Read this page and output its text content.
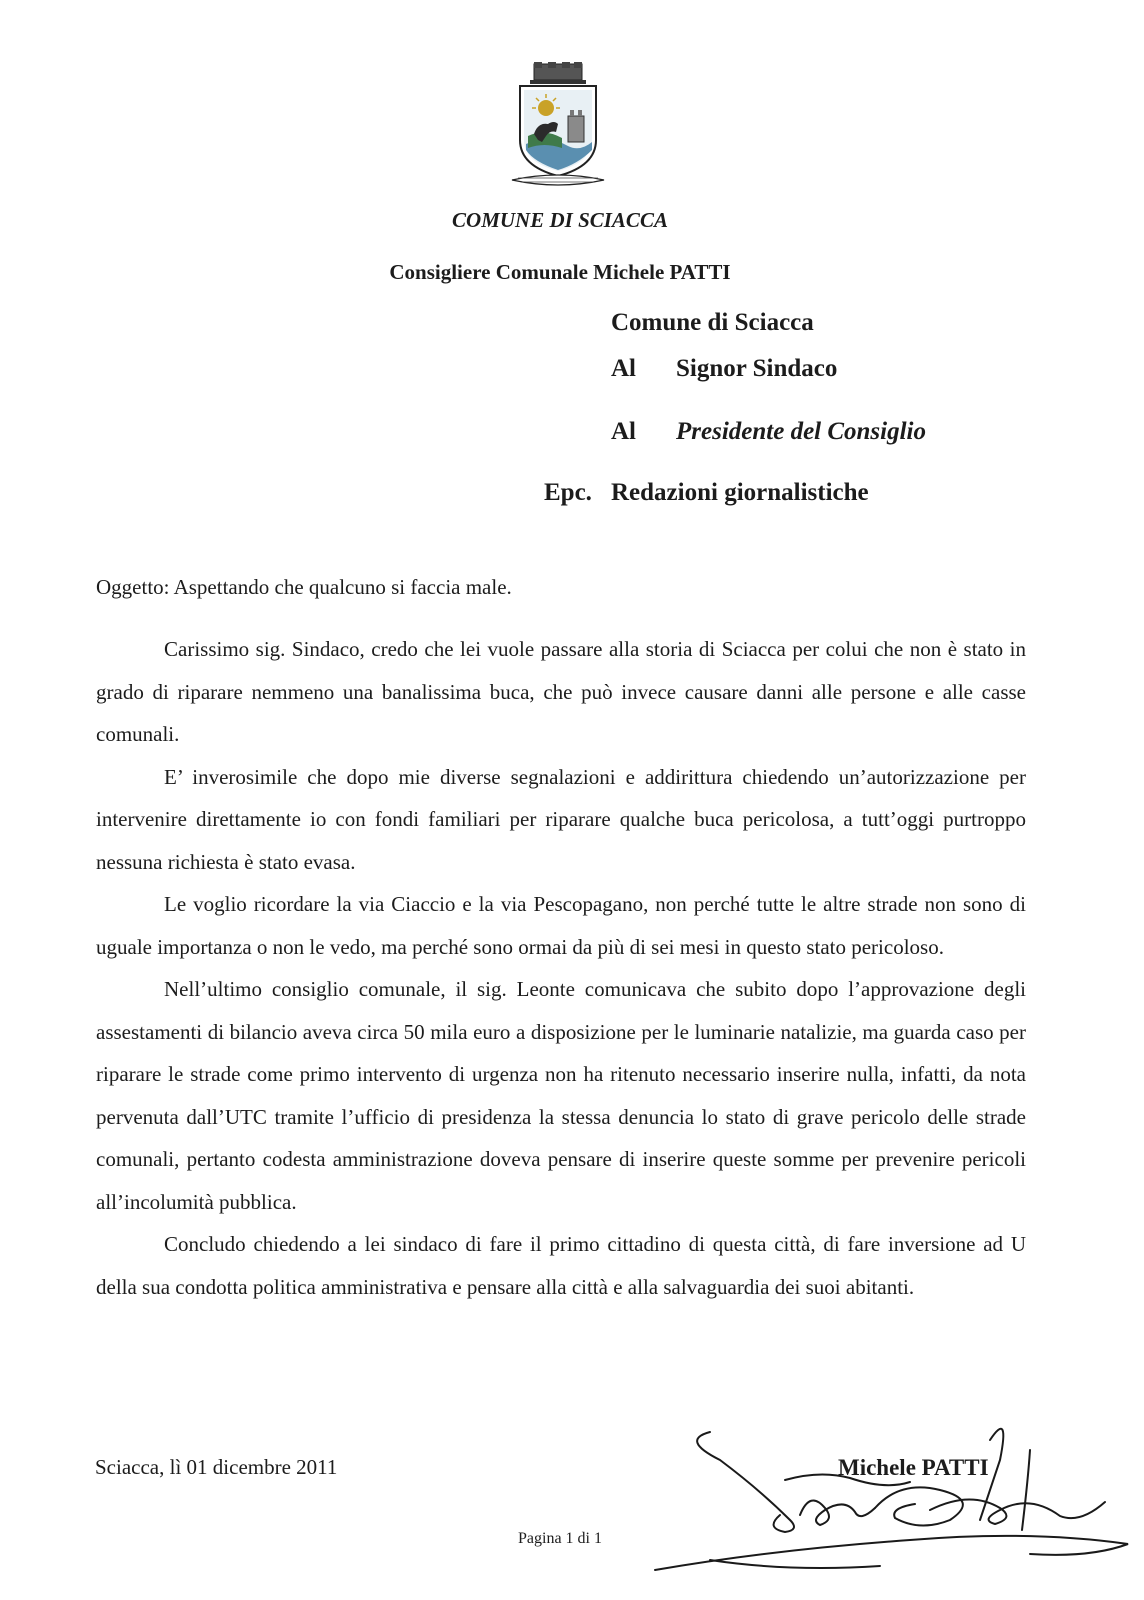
COMUNE DI SCIACCA
Consigliere Comunale Michele PATTI
Comune di Sciacca
Al Signor Sindaco
Al Presidente del Consiglio
Epc. Redazioni giornalistiche
Oggetto: Aspettando che qualcuno si faccia male.

Carissimo sig. Sindaco, credo che lei vuole passare alla storia di Sciacca per colui che non è stato in grado di riparare nemmeno una banalissima buca, che può invece causare danni alle persone e alle casse comunali.

E’ inverosimile che dopo mie diverse segnalazioni e addirittura chiedendo un’autorizzazione per intervenire direttamente io con fondi familiari per riparare qualche buca pericolosa, a tutt’oggi purtroppo nessuna richiesta è stato evasa.

Le voglio ricordare la via Ciaccio e la via Pescopagano, non perché tutte le altre strade non sono di uguale importanza o non le vedo, ma perché sono ormai da più di sei mesi in questo stato pericoloso.

Nell’ultimo consiglio comunale, il sig. Leonte comunicava che subito dopo l’approvazione degli assestamenti di bilancio aveva circa 50 mila euro a disposizione per le luminarie natalizie, ma guarda caso per riparare le strade come primo intervento di urgenza non ha ritenuto necessario inserire nulla, infatti, da nota pervenuta dall’UTC tramite l’ufficio di presidenza la stessa denuncia lo stato di grave pericolo delle strade comunali, pertanto codesta amministrazione doveva pensare di inserire queste somme per prevenire pericoli all’incolumità pubblica.

Concludo chiedendo a lei sindaco di fare il primo cittadino di questa città, di fare inversione ad U della sua condotta politica amministrativa e pensare alla città e alla salvaguardia dei suoi abitanti.

Sciacca, lì 01 dicembre 2011	Michele PATTI
Pagina 1 di 1
